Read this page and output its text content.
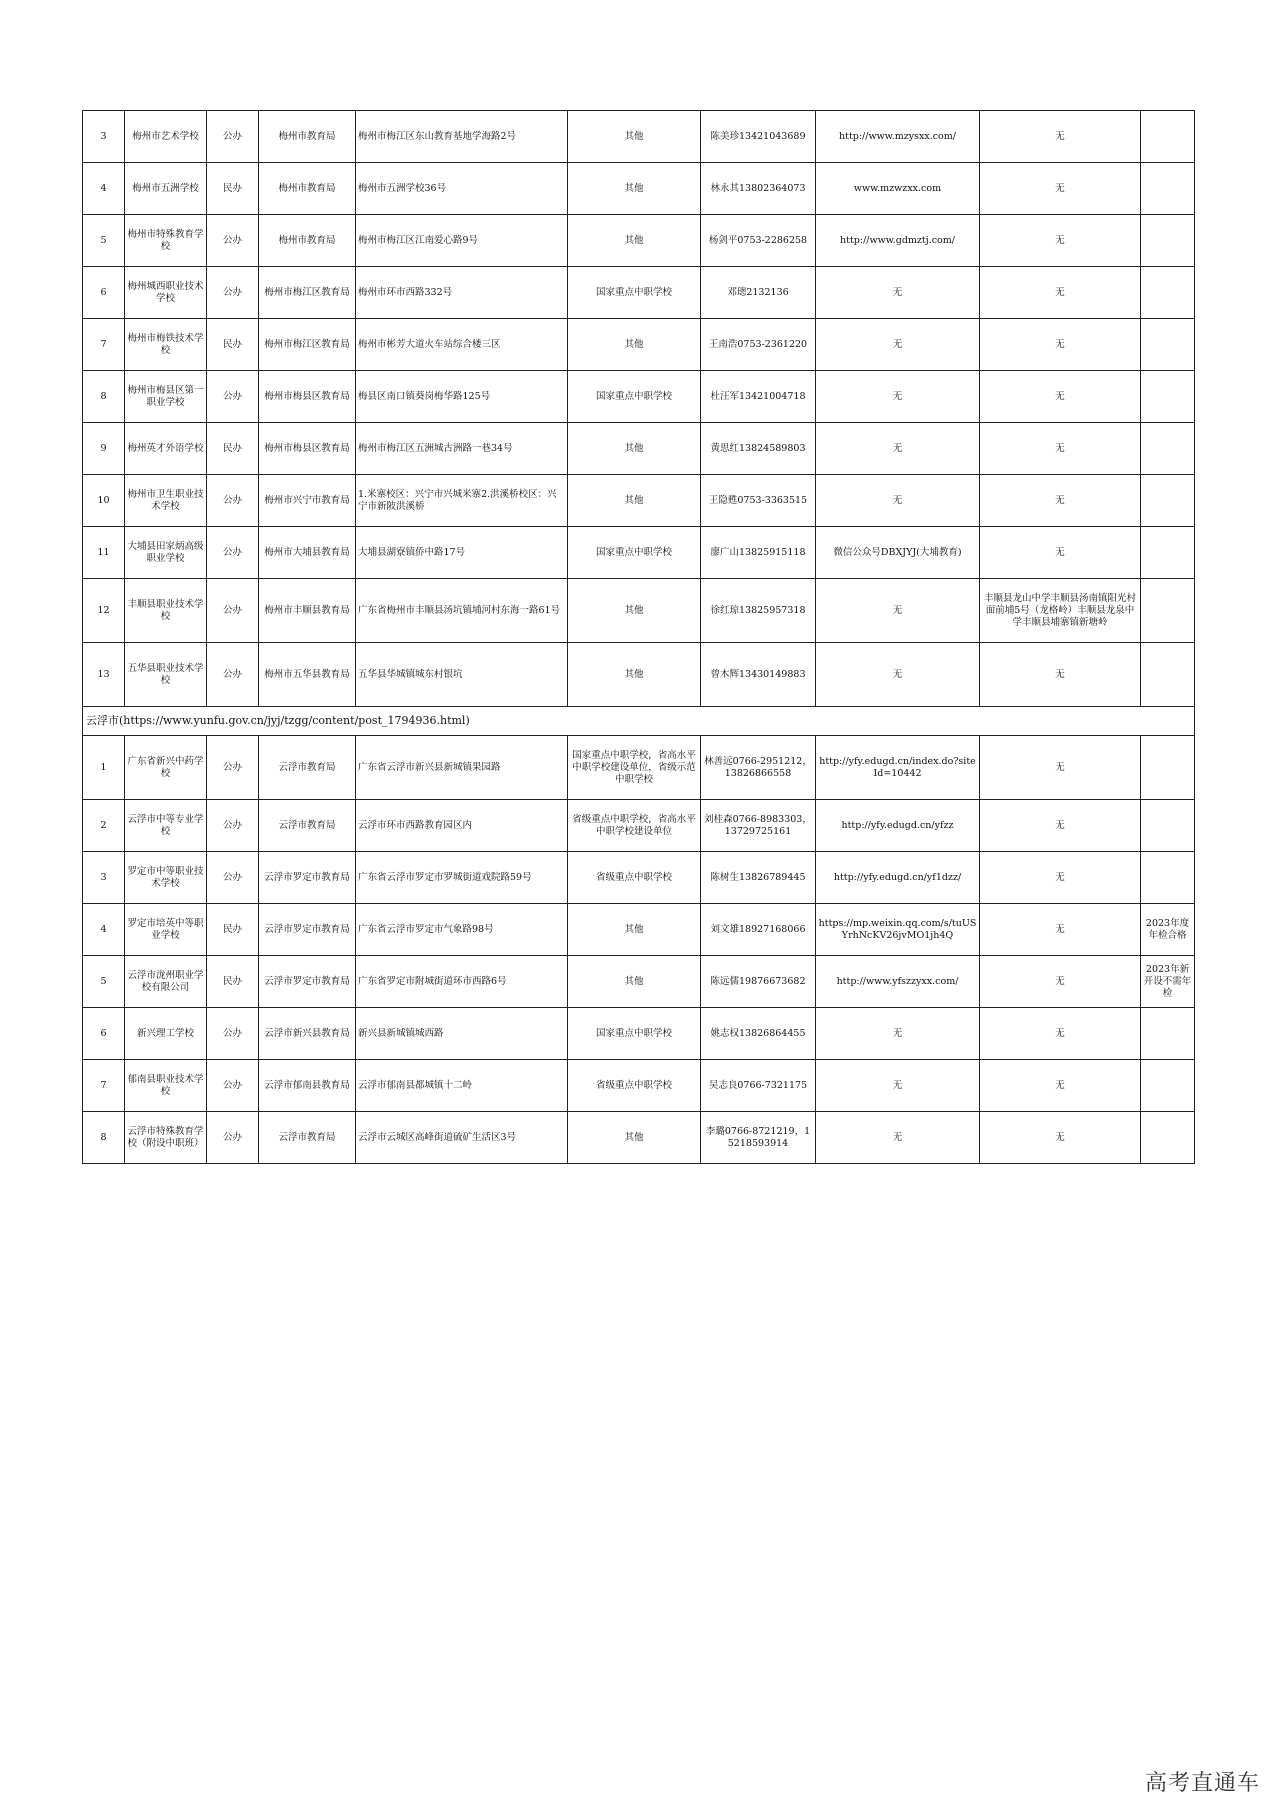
3	梅州市艺术学校	公办	梅州市教育局	梅州市梅江区东山教育基地学海路2号	其他	陈美珍13421043689	http://www.mzysxx.com/	无	
4	梅州市五洲学校	民办	梅州市教育局	梅州市五洲学校36号	其他	林永其13802364073	www.mzwzxx.com	无	
5	梅州市特殊教育学校	公办	梅州市教育局	梅州市梅江区江南爱心路9号	其他	杨剑平0753-2286258	http://www.gdmztj.com/	无	
6	梅州城西职业技术学校	公办	梅州市梅江区教育局	梅州市环市西路332号	国家重点中职学校	邓璁2132136	无	无	
7	梅州市梅铁技术学校	民办	梅州市梅江区教育局	梅州市彬芳大道火车站综合楼三区	其他	王南浩0753-2361220	无	无	
8	梅州市梅县区第一职业学校	公办	梅州市梅县区教育局	梅县区南口镇葵岗梅华路125号	国家重点中职学校	杜汪军13421004718	无	无	
9	梅州英才外语学校	民办	梅州市梅县区教育局	梅州市梅江区五洲城古洲路一巷34号	其他	黄思红13824589803	无	无	
10	梅州市卫生职业技术学校	公办	梅州市兴宁市教育局	1.米寨校区：兴宁市兴城米寨2.洪溪桥校区：兴宁市新陂洪溪桥	其他	王隐甦0753-3363515	无	无	
11	大埔县田家炳高级职业学校	公办	梅州市大埔县教育局	大埔县湖寮镇侨中路17号	国家重点中职学校	廖广山13825915118	微信公众号DBXJYJ(大埔教育)	无	
12	丰顺县职业技术学校	公办	梅州市丰顺县教育局	广东省梅州市丰顺县汤坑镇埔河村东海一路61号	其他	徐红琼13825957318	无	丰顺县龙山中学丰顺县汤南镇阳光村面前埔5号（龙格岭）丰顺县龙泉中学丰顺县埔寨镇新塘岭	
13	五华县职业技术学校	公办	梅州市五华县教育局	五华县华城镇城东村银坑	其他	曾木辉13430149883	无	无	
云浮市(https://www.yunfu.gov.cn/jyj/tzgg/content/post_1794936.html)									
1	广东省新兴中药学校	公办	云浮市教育局	广东省云浮市新兴县新城镇果园路	国家重点中职学校，省高水平中职学校建设单位，省级示范中职学校	林善远0766-2951212，13826866558	http://yfy.edugd.cn/index.do?siteId=10442	无	
2	云浮市中等专业学校	公办	云浮市教育局	云浮市环市西路教育园区内	省级重点中职学校，省高水平中职学校建设单位	刘桂森0766-8983303，13729725161	http://yfy.edugd.cn/yfzz	无	
3	罗定市中等职业技术学校	公办	云浮市罗定市教育局	广东省云浮市罗定市罗城街道戏院路59号	省级重点中职学校	陈树生13826789445	http://yfy.edugd.cn/yf1dzz/	无	
4	罗定市培英中等职业学校	民办	云浮市罗定市教育局	广东省云浮市罗定市气象路98号	其他	刘文雄18927168066	https://mp.weixin.qq.com/s/tuUSYrhNcKV26jvMO1jh4Q	无	2023年度年检合格
5	云浮市泷州职业学校有限公司	民办	云浮市罗定市教育局	广东省罗定市附城街道环市西路6号	其他	陈远儒19876673682	http://www.yfszzyxx.com/	无	2023年新开设不需年检
6	新兴理工学校	公办	云浮市新兴县教育局	新兴县新城镇城西路	国家重点中职学校	姚志权13826864455	无	无	
7	郁南县职业技术学校	公办	云浮市郁南县教育局	云浮市郁南县都城镇十二岭	省级重点中职学校	吴志良0766-7321175	无	无	
8	云浮市特殊教育学校（附设中职班）	公办	云浮市教育局	云浮市云城区高峰街道硫矿生活区3号	其他	李璐0766-8721219，15218593914	无	无	
高考直通车
